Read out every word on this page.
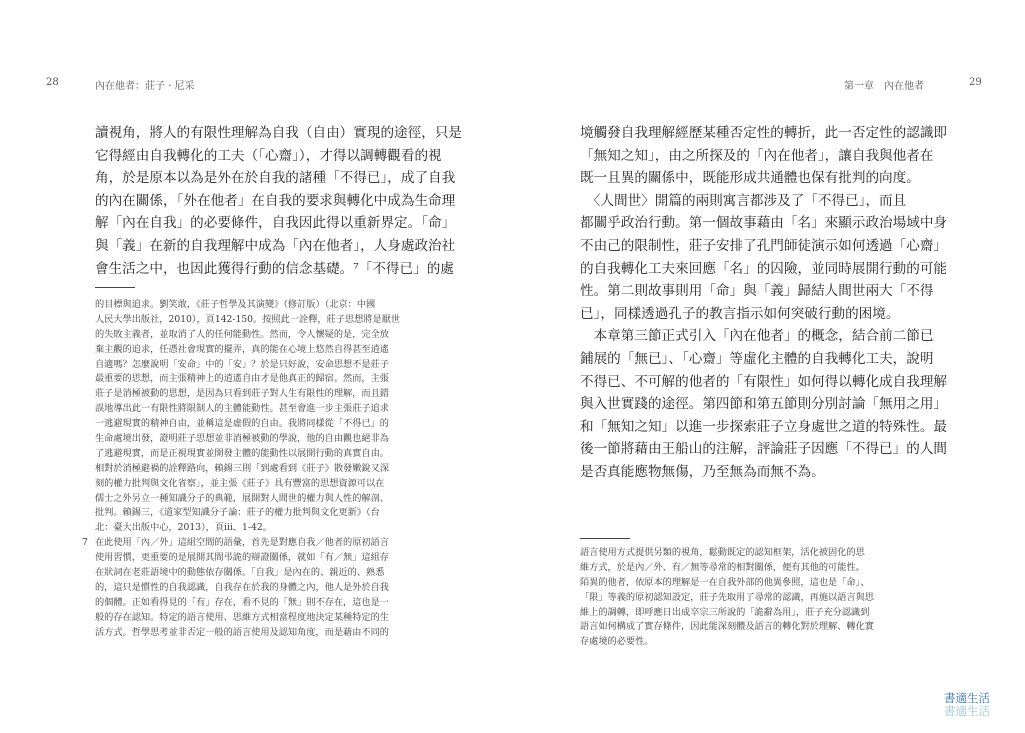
28	內在他者：莊子 · 尼采
讀視角，將人的有限性理解為自我（自由）實現的途徑，只是
它得經由自我轉化的工夫（「心齋」），才得以調轉觀看的視
角，於是原本以為是外在於自我的諸種「不得已」，成了自我
的內在關係，「外在他者」在自我的要求與轉化中成為生命理
解「內在自我」的必要條件，自我因此得以重新界定。「命」
與「義」在新的自我理解中成為「內在他者」，人身處政治社
會生活之中，也因此獲得行動的信念基礎。⁷「不得已」的處
的目標與追求。劉笑敢，《莊子哲學及其演變》（修訂版）（北京：中國
人民大學出版社，2010），頁142-150。按照此一詮釋，莊子思想將是厭世
的失敗主義者，並取消了人的任何能動性。然而，令人懷疑的是，完全放
棄主觀的追求，任憑社會現實的擺弄，真的能在心境上悠然自得甚至逍遙
自適嗎？怎麼說明「安命」中的「安」？於是只好說，安命思想不是莊子
最重要的思想，而主張精神上的逍遙自由才是他真正的歸宿。然而，主張
莊子是消極被動的思想，是因為只看到莊子對人生有限性的理解，而且錯
誤地導出此一有限性將限制人的主體能動性。甚至會進一步主張莊子追求
一逃避現實的精神自由，並稱這是虛假的自由。我將同樣從「不得已」的
生命處境出發，證明莊子思想並非消極被動的學說，他的自由觀也絕非為
了逃避現實，而是正視現實並開發主體的能動性以展開行動的真實自由。
相對於消極避禍的詮釋路向，賴錫三則「到處看到《莊子》散發嫩銳又深
刻的權力批判與文化省察」，並主張《莊子》具有豐富的思想資源可以在
儒士之外另立一種知識分子的典範，展開對人間世的權力與人性的解剖、
批判。賴錫三，《道家型知識分子論：莊子的權力批判與文化更新》（台
北：臺大出版中心，2013），頁iii、1-42。
7 在此使用「內／外」這組空間的語彙，首先是對應自我／他者的原初語言
使用習慣，更重要的是展開其間弔詭的辯證關係，就如「有／無」這組存
在狀詞在老莊語境中的動態依存關係。「自我」是內在的、親近的、熟悉
的，這只是慣性的自我認識，自我存在於我的身體之內，他人是外於自我
的個體。正如看得見的「有」存在，看不見的「無」則不存在，這也是一
般的存在認知。特定的語言使用、思維方式相當程度地決定某種特定的生
活方式。哲學思考並非否定一般的語言使用及認知角度，而是藉由不同的
第一章　內在他者	29
境觸發自我理解經歷某種否定性的轉折，此一否定性的認識即
「無知之知」，由之所探及的「內在他者」，讓自我與他者在
既一且異的關係中，既能形成共通體也保有批判的向度。
　〈人間世〉開篇的兩則寓言都涉及了「不得已」，而且
都關乎政治行動。第一個故事藉由「名」來顯示政治場域中身
不由己的限制性，莊子安排了孔門師徒演示如何透過「心齋」
的自我轉化工夫來回應「名」的囚險，並同時展開行動的可能
性。第二則故事則用「命」與「義」歸結人間世兩大「不得
已」，同樣透過孔子的教言指示如何突破行動的困境。
　本章第三節正式引入「內在他者」的概念，結合前二節已
鋪展的「無已」、「心齋」等虛化主體的自我轉化工夫，說明
不得已、不可解的他者的「有限性」如何得以轉化成自我理解
與入世實踐的途徑。第四節和第五節則分別討論「無用之用」
和「無知之知」以進一步探索莊子立身處世之道的特殊性。最
後一節將藉由王船山的注解，評論莊子因應「不得已」的人間
是否真能應物無傷，乃至無為而無不為。
語言使用方式提供另類的視角，鬆動既定的認知框架，活化被固化的思
維方式，於是內／外、有／無等尋常的相對關係，便有其他的可能性。
陌異的他者，依原本的理解是一在自我外部的他異參照，這也是「命」、
「限」等義的原初認知設定，莊子先取用了尋常的認識，再施以語言與思
維上的調轉，即呼應日出成卒宗三所說的「詭辭為用」，莊子充分認識到
語言如何構成了實存條件，因此能深刻體及語言的轉化對於理解、轉化實
存處境的必要性。
書適生活
書適生活
